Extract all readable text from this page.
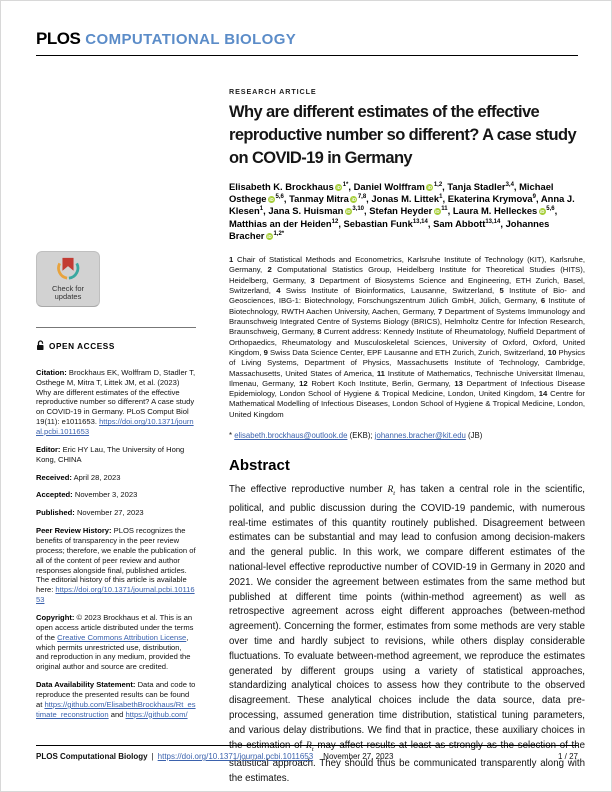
PLOS COMPUTATIONAL BIOLOGY
Check for
updates
OPEN ACCESS

Citation: Brockhaus EK, Wolffram D, Stadler T, Osthege M, Mitra T, Littek JM, et al. (2023) Why are different estimates of the effective reproductive number so different? A case study on COVID-19 in Germany. PLoS Comput Biol 19(11): e1011653. https://doi.org/10.1371/journal.pcbi.1011653

Editor: Eric HY Lau, The University of Hong Kong, CHINA

Received: April 28, 2023

Accepted: November 3, 2023

Published: November 27, 2023

Peer Review History: PLOS recognizes the benefits of transparency in the peer review process; therefore, we enable the publication of all of the content of peer review and author responses alongside final, published articles. The editorial history of this article is available here: https://doi.org/10.1371/journal.pcbi.1011653

Copyright: © 2023 Brockhaus et al. This is an open access article distributed under the terms of the Creative Commons Attribution License, which permits unrestricted use, distribution, and reproduction in any medium, provided the original author and source are credited.

Data Availability Statement: Data and code to reproduce the presented results can be found at https://github.com/ElisabethBrockhaus/Rt_estimate_reconstruction and https://github.com/

RESEARCH ARTICLE
Why are different estimates of the effective reproductive number so different? A case study on COVID-19 in Germany
Elisabeth K. Brockhaus iD $^{1*}$, Daniel Wolffram iD $^{1,2}$, Tanja Stadler$^{3,4}$, Michael Osthege iD $^{5,6}$, Tanmay Mitra iD $^{7,8}$, Jonas M. Littek$^1$, Ekaterina Krymova$^9$, Anna J. Klesen$^1$, Jana S. Huisman iD $^{3,10}$, Stefan Heyder iD $^{11}$, Laura M. Helleckes iD $^{5,6}$, Matthias an der Heiden$^{12}$, Sebastian Funk$^{13,14}$, Sam Abbott$^{13,14}$, Johannes Bracher iD $^{1,2*}$
1 Chair of Statistical Methods and Econometrics, Karlsruhe Institute of Technology (KIT), Karlsruhe, Germany, 2 Computational Statistics Group, Heidelberg Institute for Theoretical Studies (HITS), Heidelberg, Germany, 3 Department of Biosystems Science and Engineering, ETH Zurich, Basel, Switzerland, 4 Swiss Institute of Bioinformatics, Lausanne, Switzerland, 5 Institute of Bio- and Geosciences, IBG-1: Biotechnology, Forschungszentrum Jülich GmbH, Jülich, Germany, 6 Institute of Biotechnology, RWTH Aachen University, Aachen, Germany, 7 Department of Systems Immunology and Braunschweig Integrated Centre of Systems Biology (BRICS), Helmholtz Centre for Infection Research, Braunschweig, Germany, 8 Current address: Kennedy Institute of Rheumatology, Nuffield Department of Orthopaedics, Rheumatology and Musculoskeletal Sciences, University of Oxford, Oxford, United Kingdom, 9 Swiss Data Science Center, EPF Lausanne and ETH Zurich, Zurich, Switzerland, 10 Physics of Living Systems, Department of Physics, Massachusetts Institute of Technology, Cambridge, Massachusetts, United States of America, 11 Institute of Mathematics, Technische Universität Ilmenau, Ilmenau, Germany, 12 Robert Koch Institute, Berlin, Germany, 13 Department of Infectious Disease Epidemiology, London School of Hygiene & Tropical Medicine, London, United Kingdom, 14 Centre for Mathematical Modelling of Infectious Diseases, London School of Hygiene & Tropical Medicine, London, United Kingdom
* elisabeth.brockhaus@outlook.de (EKB); johannes.bracher@kit.edu (JB)
Abstract

The effective reproductive number $R_t$ has taken a central role in the scientific, political, and public discussion during the COVID-19 pandemic, with numerous real-time estimates of this quantity routinely published. Disagreement between estimates can be substantial and may lead to confusion among decision-makers and the general public. In this work, we compare different estimates of the national-level effective reproductive number of COVID-19 in Germany in 2020 and 2021. We consider the agreement between estimates from the same method but published at different time points (within-method agreement) as well as retrospective agreement across eight different approaches (between-method agreement). Concerning the former, estimates from some methods are very stable over time and hardly subject to revisions, while others display considerable fluctuations. To evaluate between-method agreement, we reproduce the estimates generated by different groups using a variety of statistical approaches, standardizing analytical choices to assess how they contribute to the observed disagreement. These analytical choices include the data source, data pre-processing, assumed generation time distribution, statistical tuning parameters, and various delay distributions. We find that in practice, these auxiliary choices in the estimation of $R_t$ may affect results at least as strongly as the selection of the statistical approach. They should thus be communicated transparently along with the estimates.

PLOS Computational Biology | https://doi.org/10.1371/journal.pcbi.1011653 November 27, 2023	1 / 27
